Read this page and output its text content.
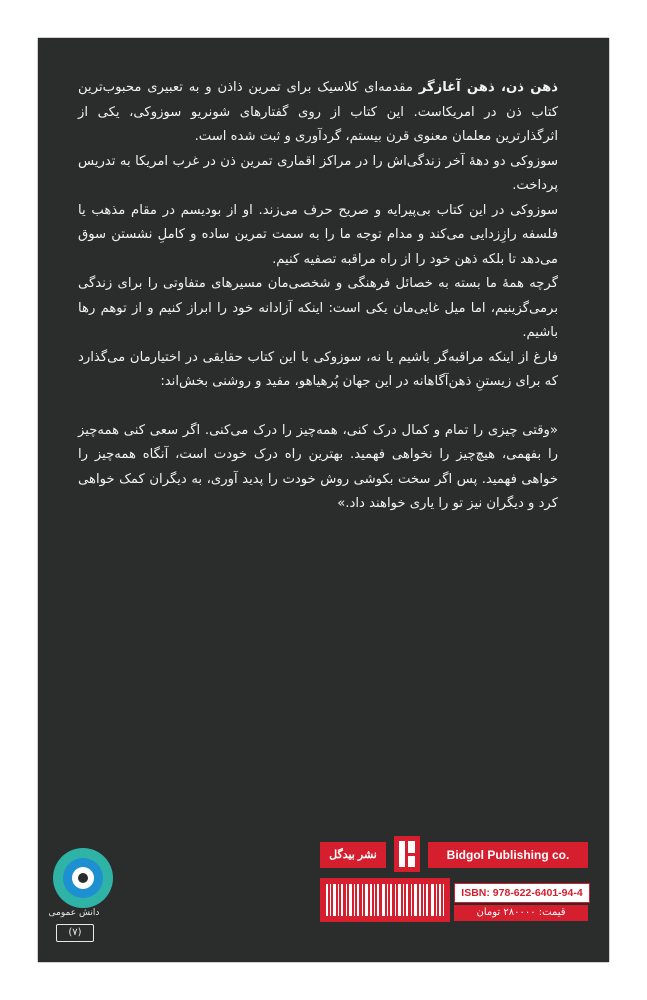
ذهن ذن، ذهن آغازگر مقدمه‌ای کلاسیک برای تمرین ذاذن و به تعبیری محبوب‌ترین کتاب ذن در امریکاست. این کتاب از روی گفتارهای شونریو سوزوکی، یکی از اثرگذارترین معلمان معنوی قرن بیستم، گردآوری و ثبت شده است.

سوزوکی دو دهۀ آخر زندگی‌اش را در مراکز اقماری تمرین ذن در غرب امریکا به تدریس پرداخت.

سوزوکی در این کتاب بی‌پیرایه و صریح حرف می‌زند. او از بودیسم در مقام مذهب یا فلسفه رازِزدایی می‌کند و مدام توجه ما را به سمت تمرین ساده و کاملِ نشستن سوق می‌دهد تا بلکه ذهن خود را از راه مراقبه تصفیه کنیم.

گرچه همهٔ ما بسته به خصائل فرهنگی و شخصی‌مان مسیرهای متفاوتی را برای زندگی برمی‌گزینیم، اما میل غایی‌مان یکی است: اینکه آزادانه خود را ابراز کنیم و از توهم رها باشیم.

فارغ از اینکه مراقبه‌گر باشیم یا نه، سوزوکی با این کتاب حقایقی در اختیارمان می‌گذارد که برای زیستنِ ذهن‌آگاهانه در این جهان پُرهیاهو، مفید و روشنی بخش‌اند:

«وقتی چیزی را تمام و کمال درک کنی، همه‌چیز را درک می‌کنی. اگر سعی کنی همه‌چیز را بفهمی، هیچ‌چیز را نخواهی فهمید. بهترین راه درک خودت است، آنگاه همه‌چیز را خواهی فهمید. پس اگر سخت بکوشی روش خودت را پدید آوری، به دیگران کمک خواهی کرد و دیگران نیز تو را یاری خواهند داد.»

دانش عمومی
(۷)
نشر بیدگل	Bidgol Publishing co.
ISBN: 978-622-6401-94-4
قیمت: ۲۸۰۰۰۰ تومان
